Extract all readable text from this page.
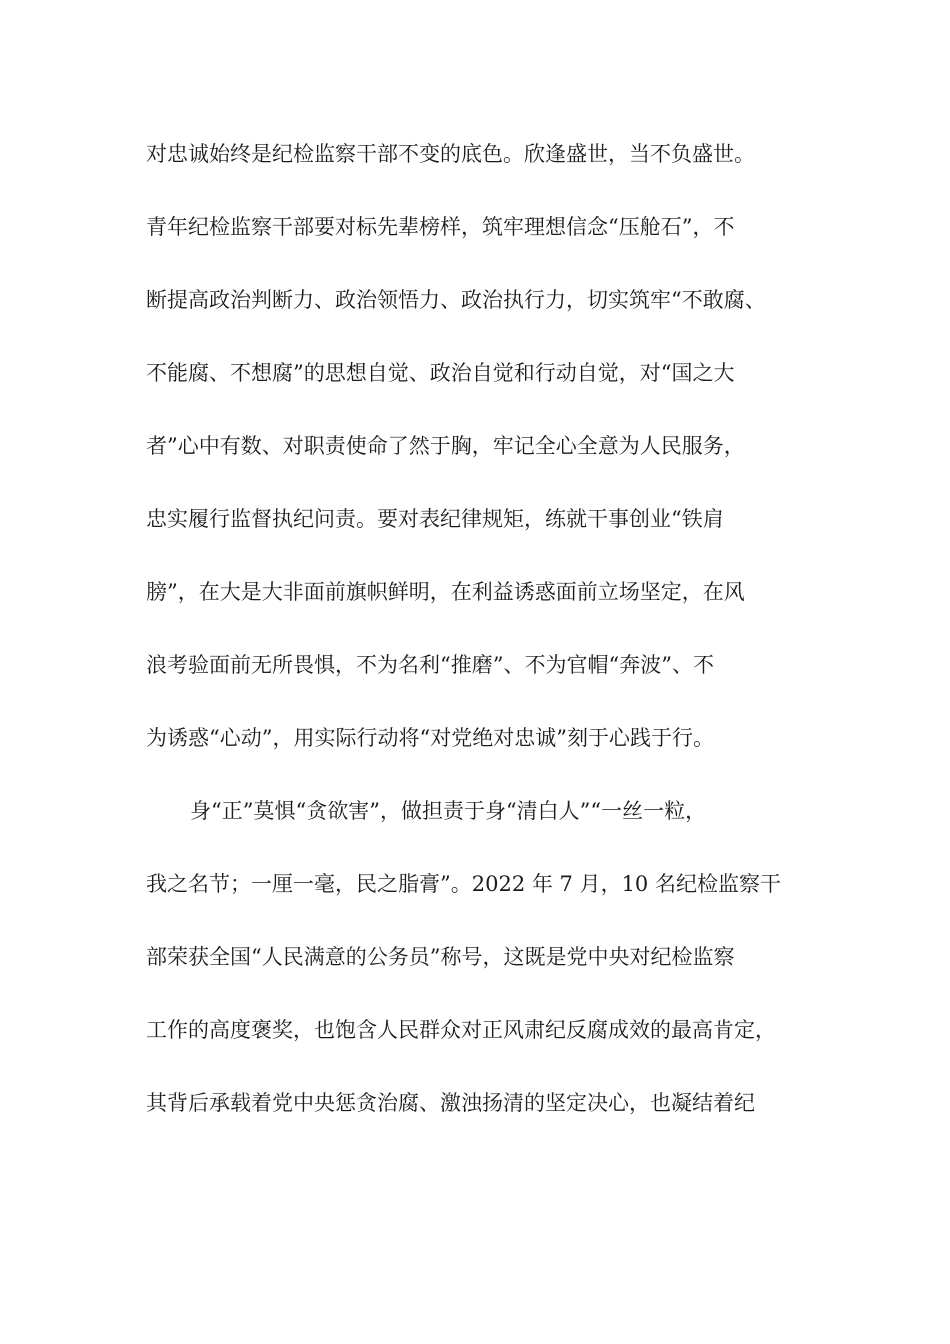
对忠诚始终是纪检监察干部不变的底色。欣逢盛世，当不负盛世。
青年纪检监察干部要对标先辈榜样，筑牢理想信念“压舱石”，不
断提高政治判断力、政治领悟力、政治执行力，切实筑牢“不敢腐、
不能腐、不想腐”的思想自觉、政治自觉和行动自觉，对“国之大
者”心中有数、对职责使命了然于胸，牢记全心全意为人民服务，
忠实履行监督执纪问责。要对表纪律规矩，练就干事创业“铁肩
膀”，在大是大非面前旗帜鲜明，在利益诱惑面前立场坚定，在风
浪考验面前无所畏惧，不为名利“推磨”、不为官帽“奔波”、不
为诱惑“心动”，用实际行动将“对党绝对忠诚”刻于心践于行。
身“正”莫惧“贪欲害”，做担责于身“清白人”“一丝一粒，
我之名节；一厘一毫，民之脂膏”。2022 年 7 月，10 名纪检监察干
部荣获全国“人民满意的公务员”称号，这既是党中央对纪检监察
工作的高度褒奖，也饱含人民群众对正风肃纪反腐成效的最高肯定，
其背后承载着党中央惩贪治腐、激浊扬清的坚定决心，也凝结着纪
